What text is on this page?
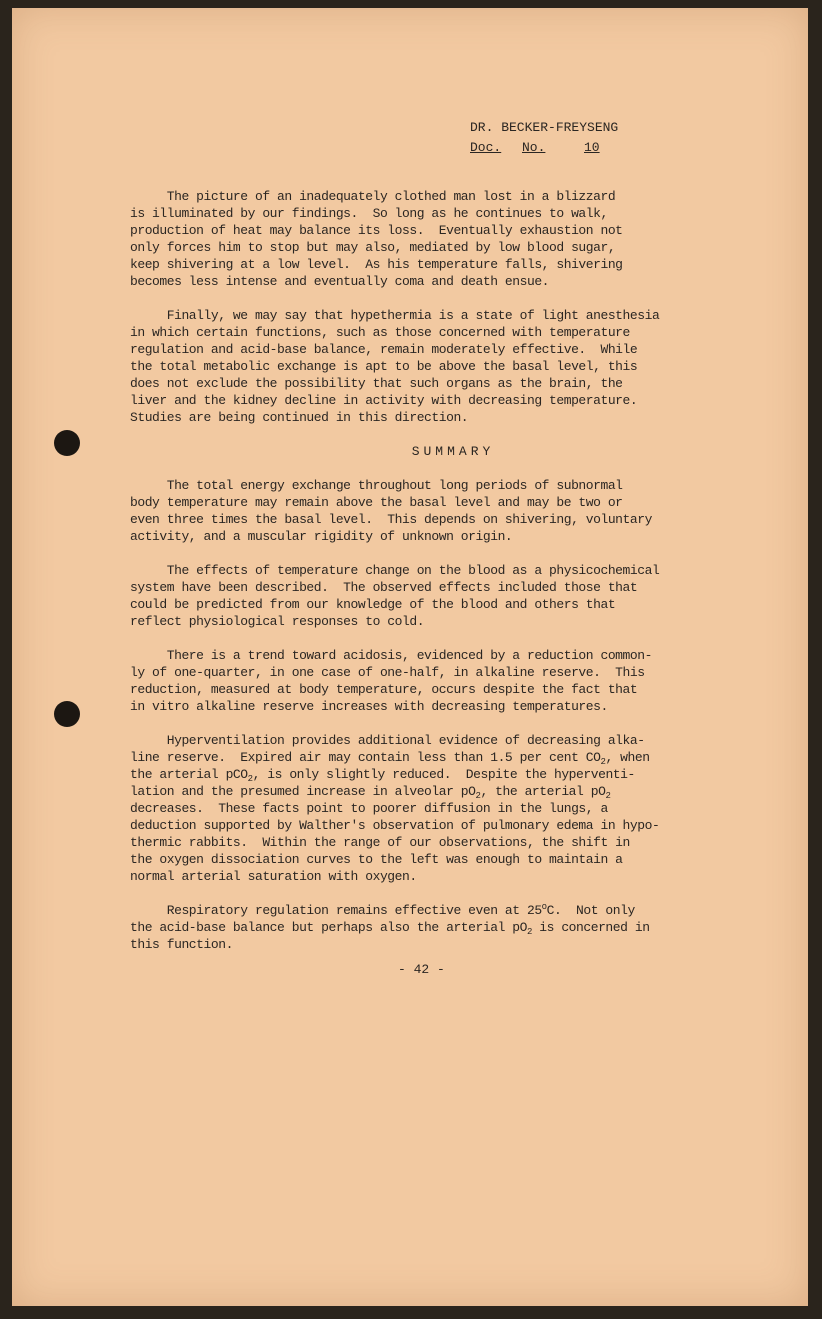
DR. BECKER-FREYSENG
Doc.	No.	10
The picture of an inadequately clothed man lost in a blizzard
is illuminated by our findings.  So long as he continues to walk,
production of heat may balance its loss.  Eventually exhaustion not
only forces him to stop but may also, mediated by low blood sugar,
keep shivering at a low level.  As his temperature falls, shivering
becomes less intense and eventually coma and death ensue.
Finally, we may say that hypethermia is a state of light anesthesia
in which certain functions, such as those concerned with temperature
regulation and acid-base balance, remain moderately effective.  While
the total metabolic exchange is apt to be above the basal level, this
does not exclude the possibility that such organs as the brain, the
liver and the kidney decline in activity with decreasing temperature.
Studies are being continued in this direction.
SUMMARY
The total energy exchange throughout long periods of subnormal
body temperature may remain above the basal level and may be two or
even three times the basal level.  This depends on shivering, voluntary
activity, and a muscular rigidity of unknown origin.
The effects of temperature change on the blood as a physicochemical
system have been described.  The observed effects included those that
could be predicted from our knowledge of the blood and others that
reflect physiological responses to cold.
There is a trend toward acidosis, evidenced by a reduction common-
ly of one-quarter, in one case of one-half, in alkaline reserve.  This
reduction, measured at body temperature, occurs despite the fact that
in vitro alkaline reserve increases with decreasing temperatures.
Hyperventilation provides additional evidence of decreasing alka-
line reserve.  Expired air may contain less than 1.5 per cent $CO_2$, when
the arterial pCO$_2$, is only slightly reduced.  Despite the hyperventi-
lation and the presumed increase in alveolar $pO_2$, the arterial $pO_2$
decreases.  These facts point to poorer diffusion in the lungs, a
deduction supported by Walther's observation of pulmonary edema in hypo-
thermic rabbits.  Within the range of our observations, the shift in
the oxygen dissociation curves to the left was enough to maintain a
normal arterial saturation with oxygen.
Respiratory regulation remains effective even at 25$^o$C.  Not only
the acid-base balance but perhaps also the arterial $pO_2$ is concerned in
this function.
- 42 -
